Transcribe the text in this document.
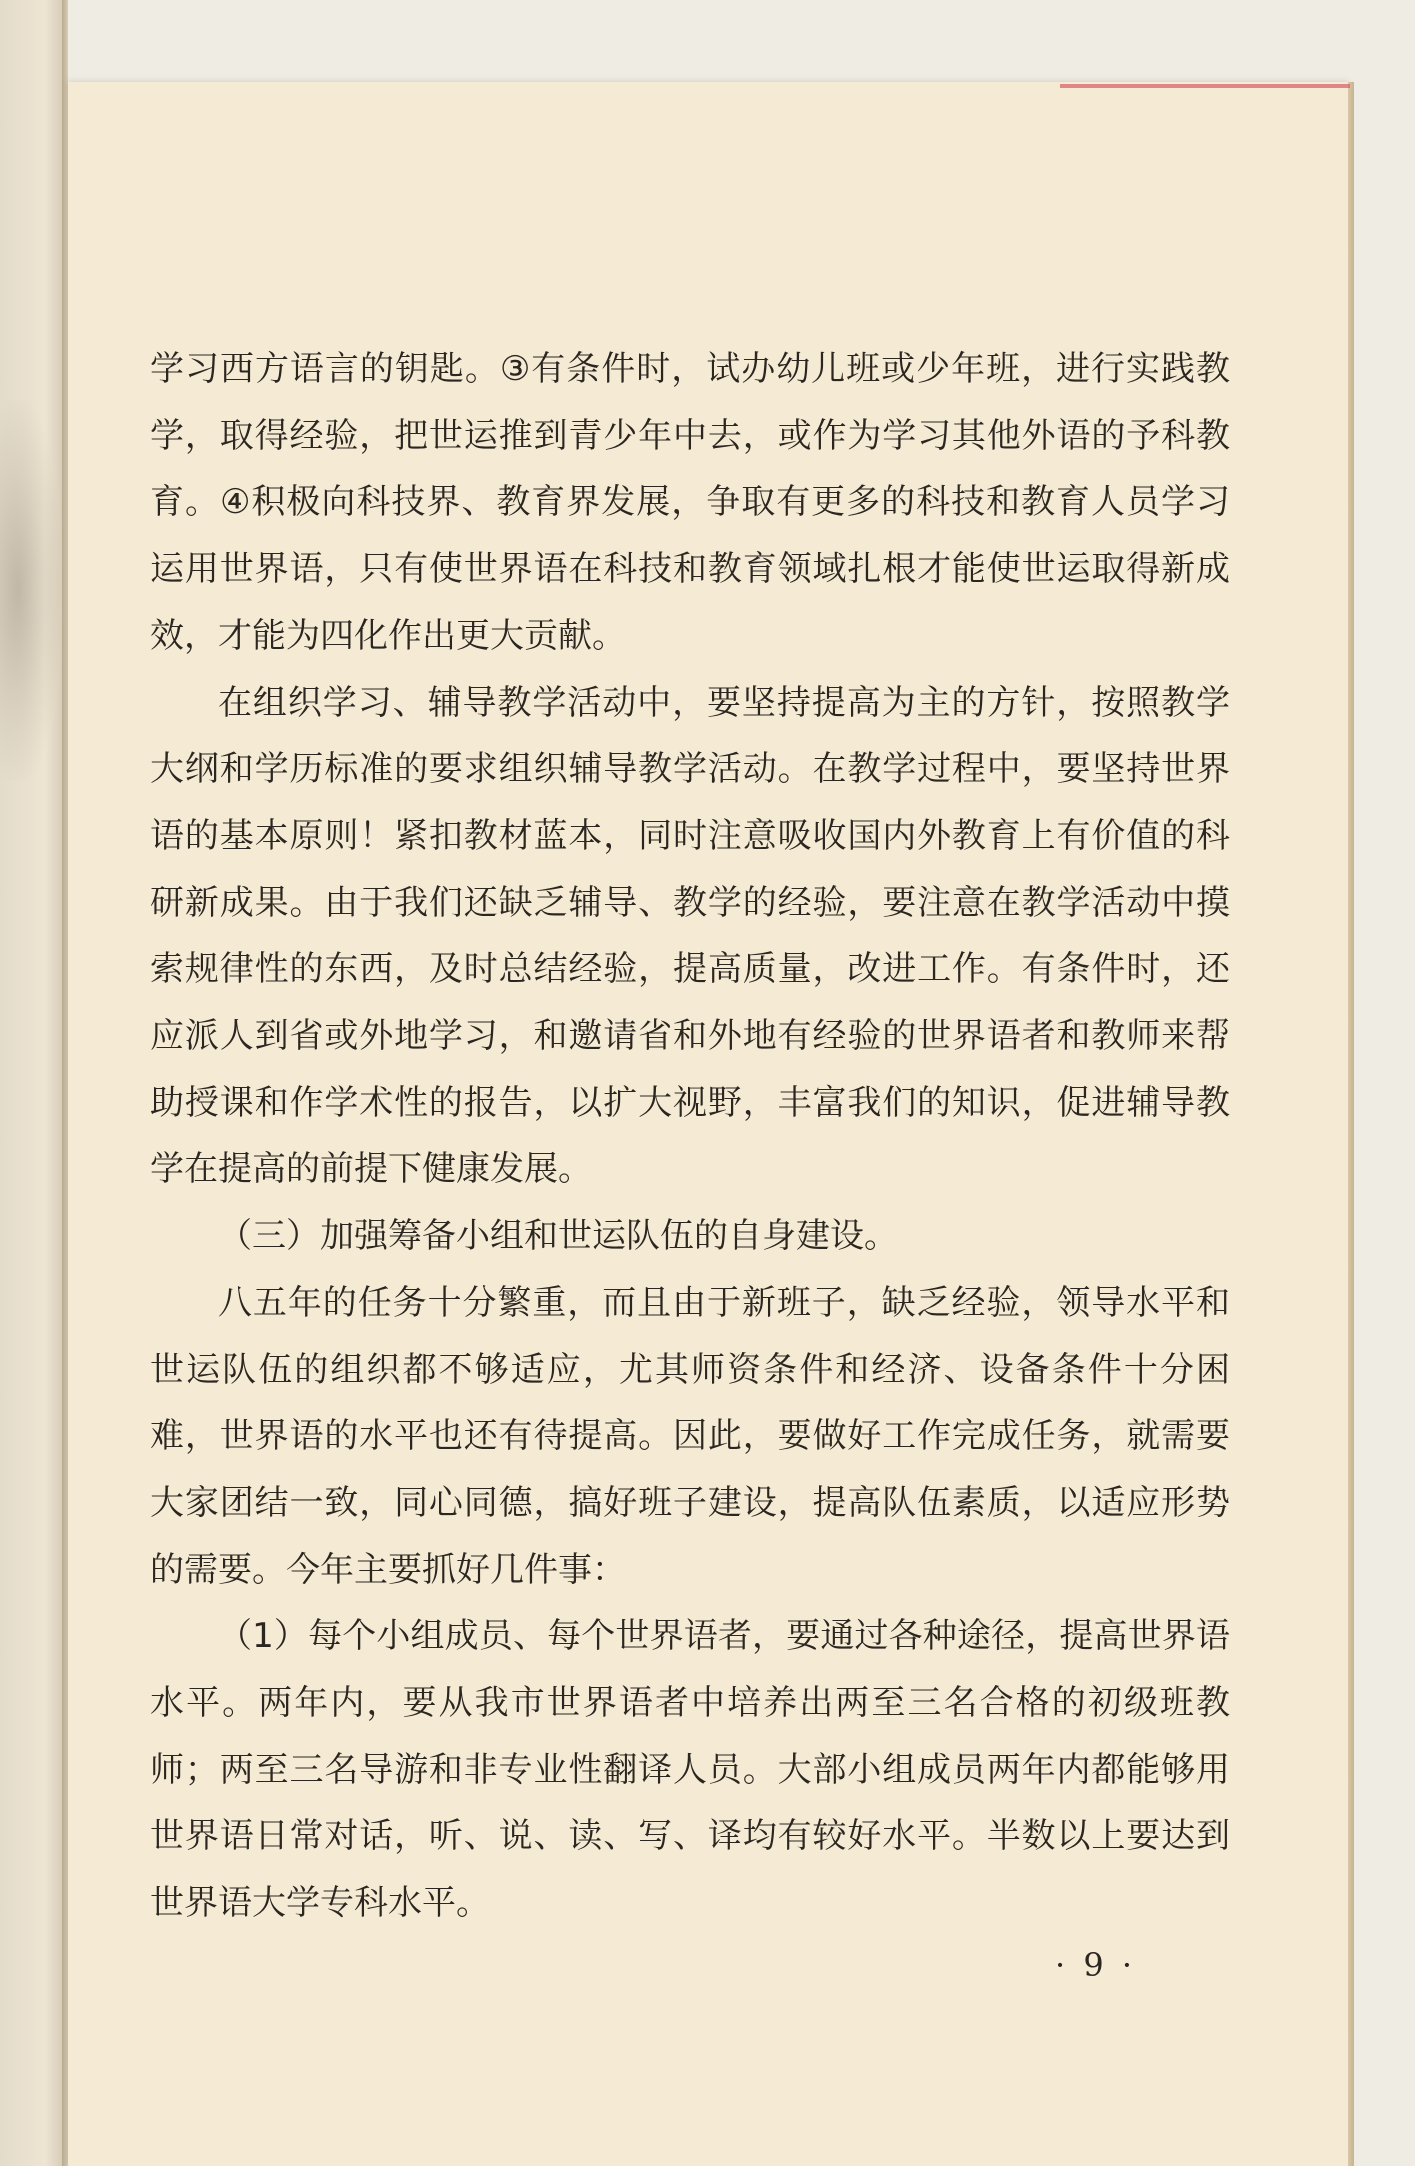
学习西方语言的钥匙。③有条件时，试办幼儿班或少年班，进行实践教学，取得经验，把世运推到青少年中去，或作为学习其他外语的予科教育。④积极向科技界、教育界发展，争取有更多的科技和教育人员学习运用世界语，只有使世界语在科技和教育领域扎根才能使世运取得新成效，才能为四化作出更大贡献。

在组织学习、辅导教学活动中，要坚持提高为主的方针，按照教学大纲和学历标准的要求组织辅导教学活动。在教学过程中，要坚持世界语的基本原则！紧扣教材蓝本，同时注意吸收国内外教育上有价值的科研新成果。由于我们还缺乏辅导、教学的经验，要注意在教学活动中摸索规律性的东西，及时总结经验，提高质量，改进工作。有条件时，还应派人到省或外地学习，和邀请省和外地有经验的世界语者和教师来帮助授课和作学术性的报告，以扩大视野，丰富我们的知识，促进辅导教学在提高的前提下健康发展。

（三）加强筹备小组和世运队伍的自身建设。

八五年的任务十分繁重，而且由于新班子，缺乏经验，领导水平和世运队伍的组织都不够适应，尤其师资条件和经济、设备条件十分困难，世界语的水平也还有待提高。因此，要做好工作完成任务，就需要大家团结一致，同心同德，搞好班子建设，提高队伍素质，以适应形势的需要。今年主要抓好几件事：

（1）每个小组成员、每个世界语者，要通过各种途径，提高世界语水平。两年内，要从我市世界语者中培养出两至三名合格的初级班教师；两至三名导游和非专业性翻译人员。大部小组成员两年内都能够用世界语日常对话，听、说、读、写、译均有较好水平。半数以上要达到世界语大学专科水平。

· 9 ·
